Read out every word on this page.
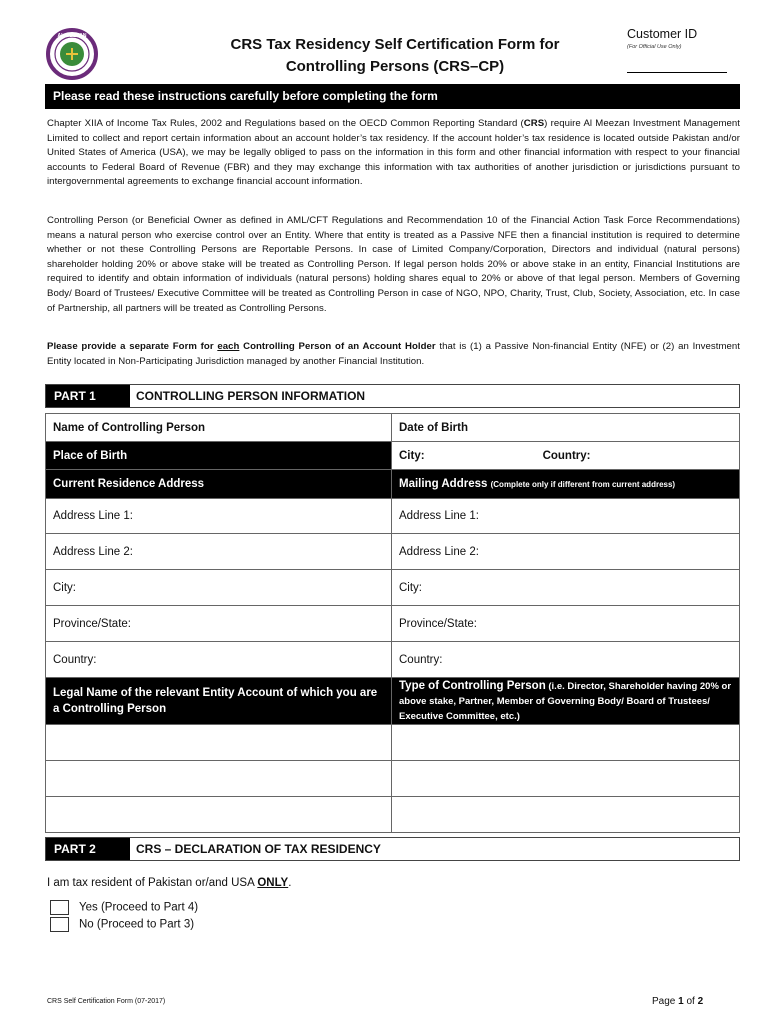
AL MEEZAN	CRS Tax Residency Self Certification Form for
Controlling Persons (CRS–CP)
Customer ID
(For Official Use Only)
Please read these instructions carefully before completing the form
Chapter XIIA of Income Tax Rules, 2002 and Regulations based on the OECD Common Reporting Standard (CRS) require Al Meezan Investment Management Limited to collect and report certain information about an account holder’s tax residency. If the account holder’s tax residence is located outside Pakistan and/or United States of America (USA), we may be legally obliged to pass on the information in this form and other financial information with respect to your financial accounts to Federal Board of Revenue (FBR) and they may exchange this information with tax authorities of another jurisdiction or jurisdictions pursuant to intergovernmental agreements to exchange financial account information.
Controlling Person (or Beneficial Owner as defined in AML/CFT Regulations and Recommendation 10 of the Financial Action Task Force Recommendations) means a natural person who exercise control over an Entity. Where that entity is treated as a Passive NFE then a financial institution is required to determine whether or not these Controlling Persons are Reportable Persons. In case of Limited Company/Corporation, Directors and individual (natural persons) shareholder holding 20% or above stake will be treated as Controlling Person. If legal person holds 20% or above stake in an entity, Financial Institutions are required to identify and obtain information of individuals (natural persons) holding shares equal to 20% or above of that legal person. Members of Governing Body/ Board of Trustees/ Executive Committee will be treated as Controlling Person in case of NGO, NPO, Charity, Trust, Club, Society, Association, etc. In case of Partnership, all partners will be treated as Controlling Persons.
Please provide a separate Form for each Controlling Person of an Account Holder that is (1) a Passive Non-financial Entity (NFE) or (2) an Investment Entity located in Non-Participating Jurisdiction managed by another Financial Institution.
PART 1	CONTROLLING PERSON INFORMATION
Name of Controlling Person	Date of Birth
Place of Birth	City: Country:
Current Residence Address	Mailing Address (Complete only if different from current address)
Address Line 1:	Address Line 1:
Address Line 2:	Address Line 2:
City:	City:
Province/State:	Province/State:
Country:	Country:
Legal Name of the relevant Entity Account of which you are a Controlling Person	Type of Controlling Person (i.e. Director, Shareholder having 20% or above stake, Partner, Member of Governing Body/ Board of Trustees/ Executive Committee, etc.)

PART 2	CRS – DECLARATION OF TAX RESIDENCY
I am tax resident of Pakistan or/and USA ONLY.
Yes (Proceed to Part 4)
No (Proceed to Part 3)
CRS Self Certification Form (07-2017)	Page 1 of 2
